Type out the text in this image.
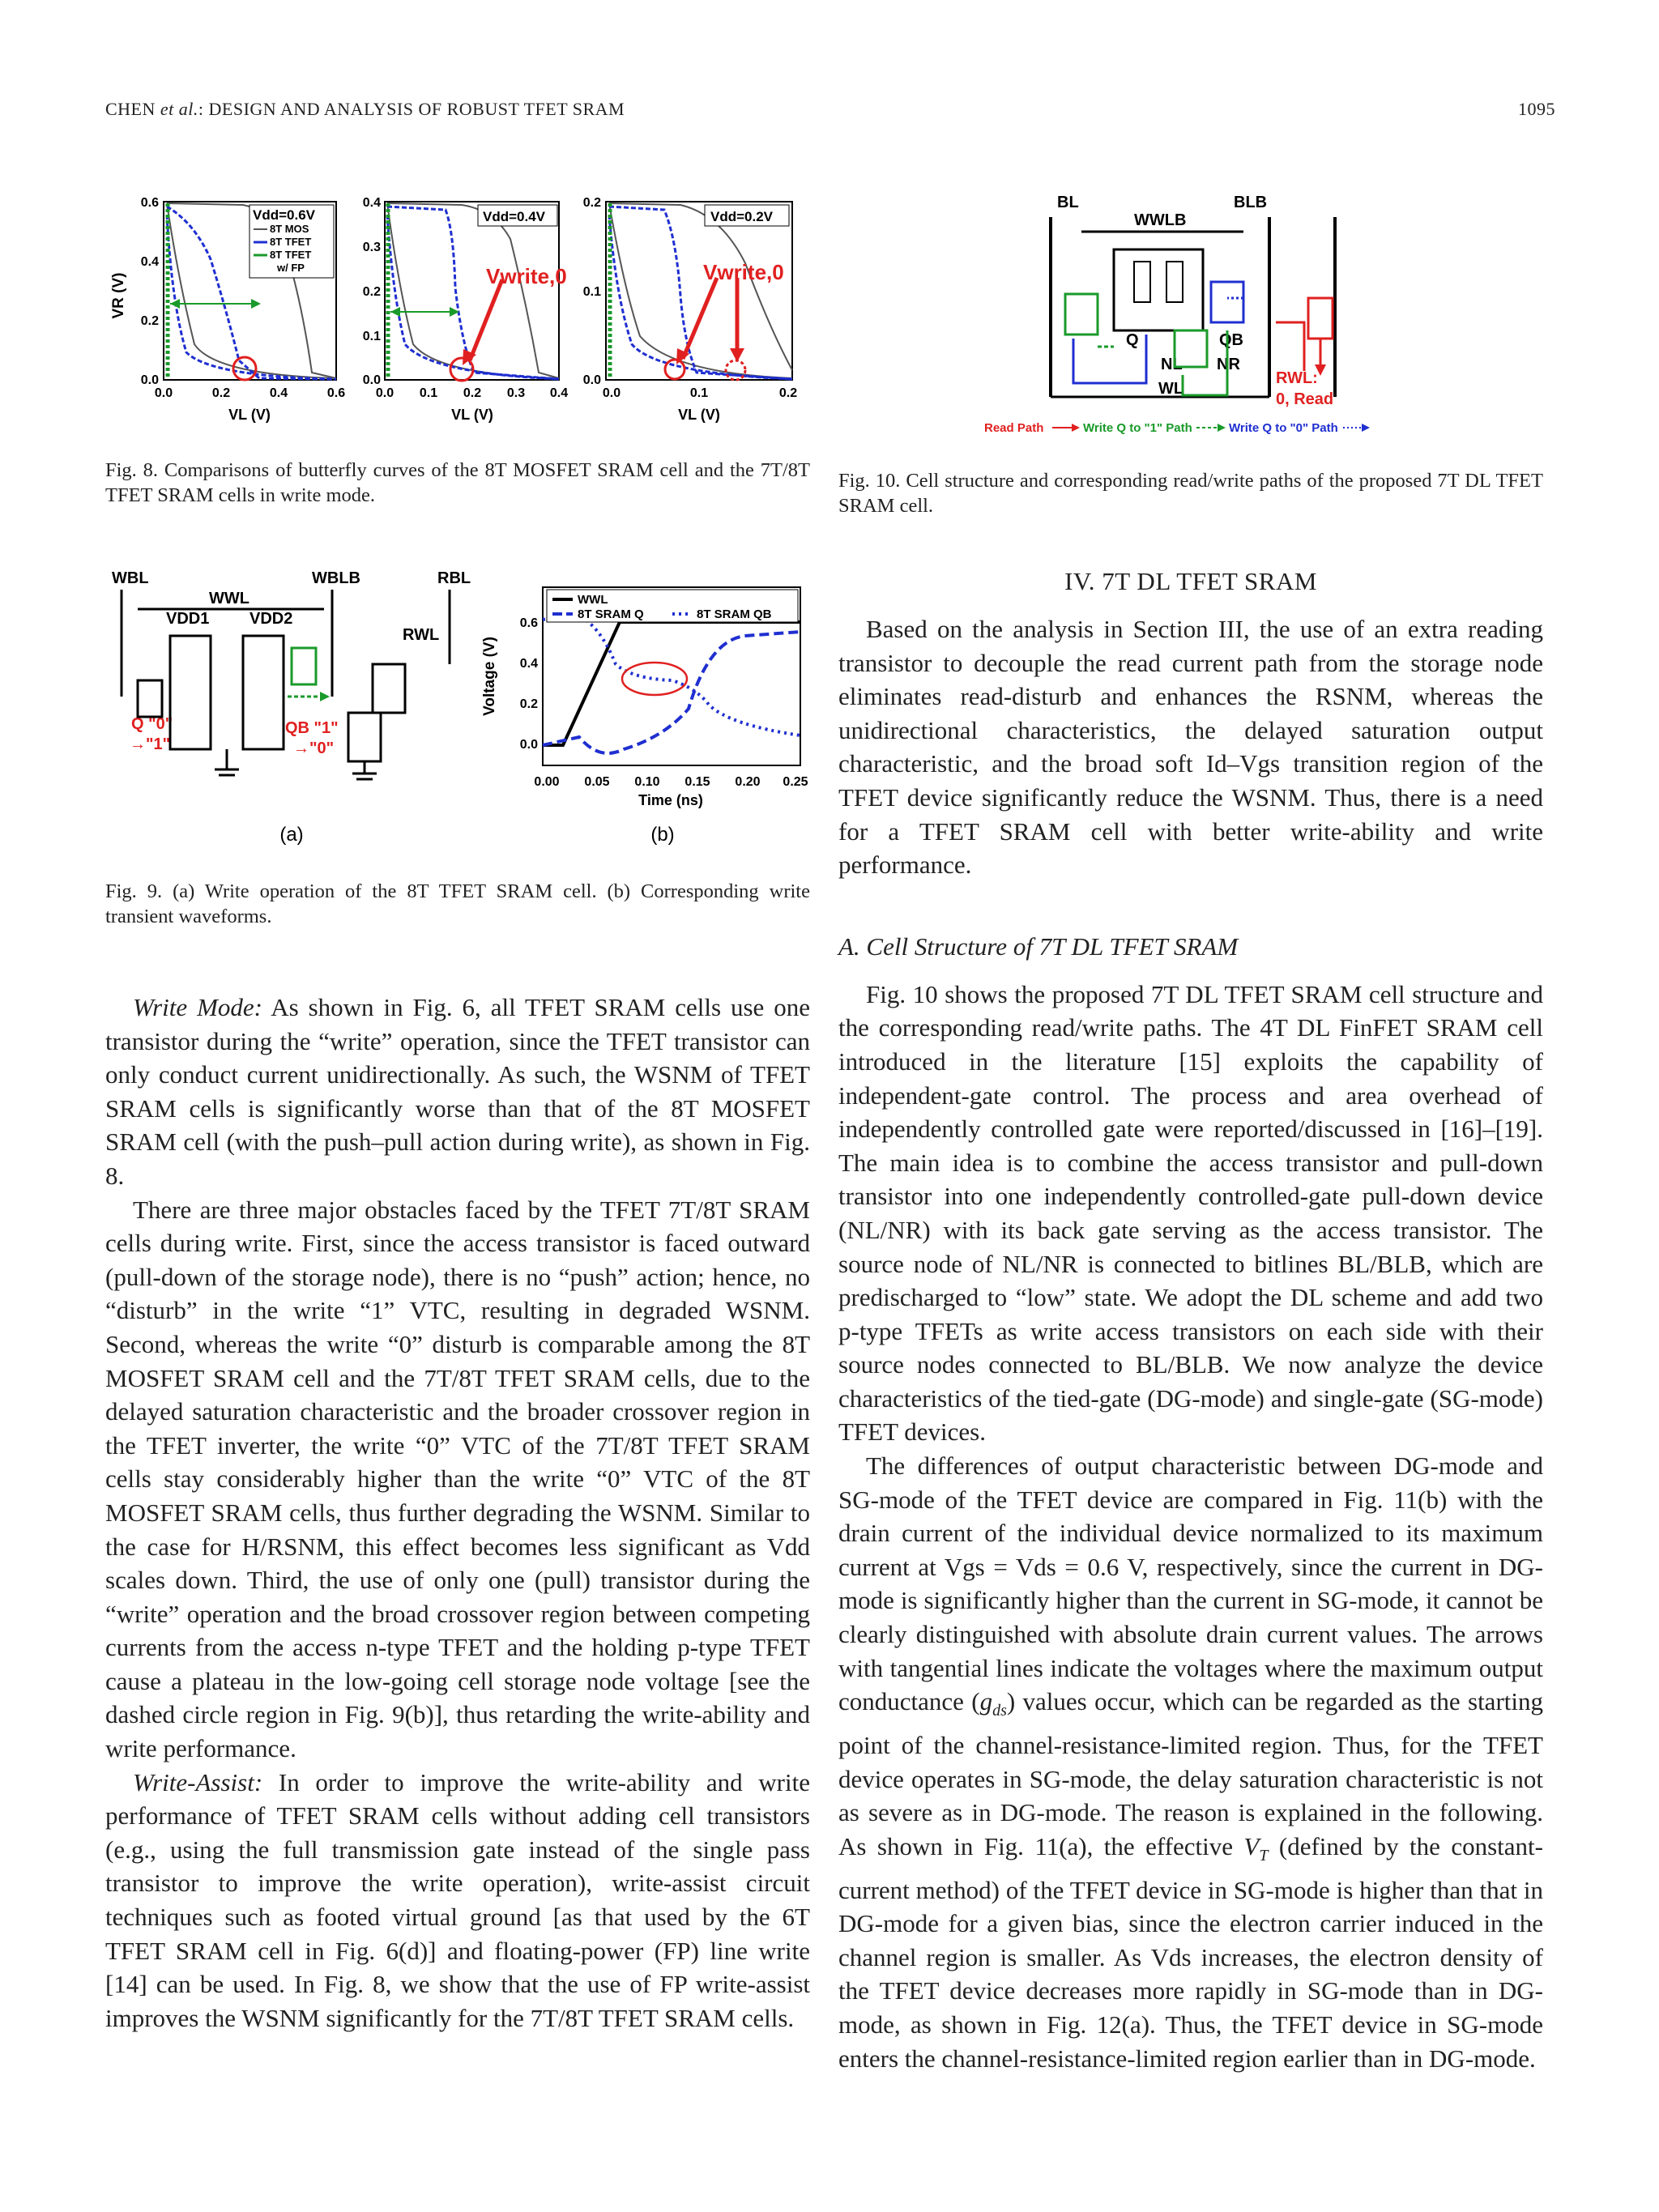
CHEN et al.: DESIGN AND ANALYSIS OF ROBUST TFET SRAM	1095
VR (V)
0.6
0.4
0.2
0.0
0.0	0.2	0.4	0.6
Vdd=0.6V
8T MOS
8T TFET
8T TFET
w/ FP
0.4
0.3
0.2
0.1
0.0
0.0 0.1 0.2 0.3 0.4
Vwrite,0
Vdd=0.4V
0.2
0.1
0.0
0.0	0.1	0.2
Vwrite,0
Vdd=0.2V
VL (V)	VL (V)	VL (V)
Fig. 8. Comparisons of butterfly curves of the 8T MOSFET SRAM cell and the 7T/8T TFET SRAM cells in write mode.
BL	BLB
WWLB
Q	QB
NL NR
WL
RWL:
0, Read
Read Path	Write Q to "1" Path	Write Q to "0" Path
Fig. 10. Cell structure and corresponding read/write paths of the proposed 7T DL TFET SRAM cell.
WBL
WWL
WBLB	RBL
VDD1 VDD2
RWL
Q "0"
→"1"
QB "1"
→"0"
(a)
Voltage (V)
0.6
0.4
0.2
0.0
0.00 0.05 0.10 0.15 0.20 0.25
Time (ns)
WWL
8T SRAM Q	8T SRAM QB
(b)
Fig. 9. (a) Write operation of the 8T TFET SRAM cell. (b) Corresponding write transient waveforms.

Write Mode: As shown in Fig. 6, all TFET SRAM cells use one transistor during the “write” operation, since the TFET transistor can only conduct current unidirectionally. As such, the WSNM of TFET SRAM cells is significantly worse than that of the 8T MOSFET SRAM cell (with the push–pull action during write), as shown in Fig. 8.

There are three major obstacles faced by the TFET 7T/8T SRAM cells during write. First, since the access transistor is faced outward (pull-down of the storage node), there is no “push” action; hence, no “disturb” in the write “1” VTC, resulting in degraded WSNM. Second, whereas the write “0” disturb is comparable among the 8T MOSFET SRAM cell and the 7T/8T TFET SRAM cells, due to the delayed saturation characteristic and the broader crossover region in the TFET inverter, the write “0” VTC of the 7T/8T TFET SRAM cells stay considerably higher than the write “0” VTC of the 8T MOSFET SRAM cells, thus further degrading the WSNM. Similar to the case for H/RSNM, this effect becomes less significant as Vdd scales down. Third, the use of only one (pull) transistor during the “write” operation and the broad crossover region between competing currents from the access n-type TFET and the holding p-type TFET cause a plateau in the low-going cell storage node voltage [see the dashed circle region in Fig. 9(b)], thus retarding the write-ability and write performance.

Write-Assist: In order to improve the write-ability and write performance of TFET SRAM cells without adding cell transistors (e.g., using the full transmission gate instead of the single pass transistor to improve the write operation), write-assist circuit techniques such as footed virtual ground [as that used by the 6T TFET SRAM cell in Fig. 6(d)] and floating-power (FP) line write [14] can be used. In Fig. 8, we show that the use of FP write-assist improves the WSNM significantly for the 7T/8T TFET SRAM cells.

IV. 7T DL TFET SRAM

Based on the analysis in Section III, the use of an extra reading transistor to decouple the read current path from the storage node eliminates read-disturb and enhances the RSNM, whereas the unidirectional characteristics, the delayed saturation output characteristic, and the broad soft Id–Vgs transition region of the TFET device significantly reduce the WSNM. Thus, there is a need for a TFET SRAM cell with better write-ability and write performance.

A. Cell Structure of 7T DL TFET SRAM

Fig. 10 shows the proposed 7T DL TFET SRAM cell structure and the corresponding read/write paths. The 4T DL FinFET SRAM cell introduced in the literature [15] exploits the capability of independent-gate control. The process and area overhead of independently controlled gate were reported/discussed in [16]–[19]. The main idea is to combine the access transistor and pull-down transistor into one independently controlled-gate pull-down device (NL/NR) with its back gate serving as the access transistor. The source node of NL/NR is connected to bitlines BL/BLB, which are predischarged to “low” state. We adopt the DL scheme and add two p-type TFETs as write access transistors on each side with their source nodes connected to BL/BLB. We now analyze the device characteristics of the tied-gate (DG-mode) and single-gate (SG-mode) TFET devices.

The differences of output characteristic between DG-mode and SG-mode of the TFET device are compared in Fig. 11(b) with the drain current of the individual device normalized to its maximum current at Vgs = Vds = 0.6 V, respectively, since the current in DG-mode is significantly higher than the current in SG-mode, it cannot be clearly distinguished with absolute drain current values. The arrows with tangential lines indicate the voltages where the maximum output conductance $(g_{ds})$ values occur, which can be regarded as the starting point of the channel-resistance-limited region. Thus, for the TFET device operates in SG-mode, the delay saturation characteristic is not as severe as in DG-mode. The reason is explained in the following. As shown in Fig. 11(a), the effective $V_T$ (defined by the constant-current method) of the TFET device in SG-mode is higher than that in DG-mode for a given bias, since the electron carrier induced in the channel region is smaller. As Vds increases, the electron density of the TFET device decreases more rapidly in SG-mode than in DG-mode, as shown in Fig. 12(a). Thus, the TFET device in SG-mode enters the channel-resistance-limited region earlier than in DG-mode.
